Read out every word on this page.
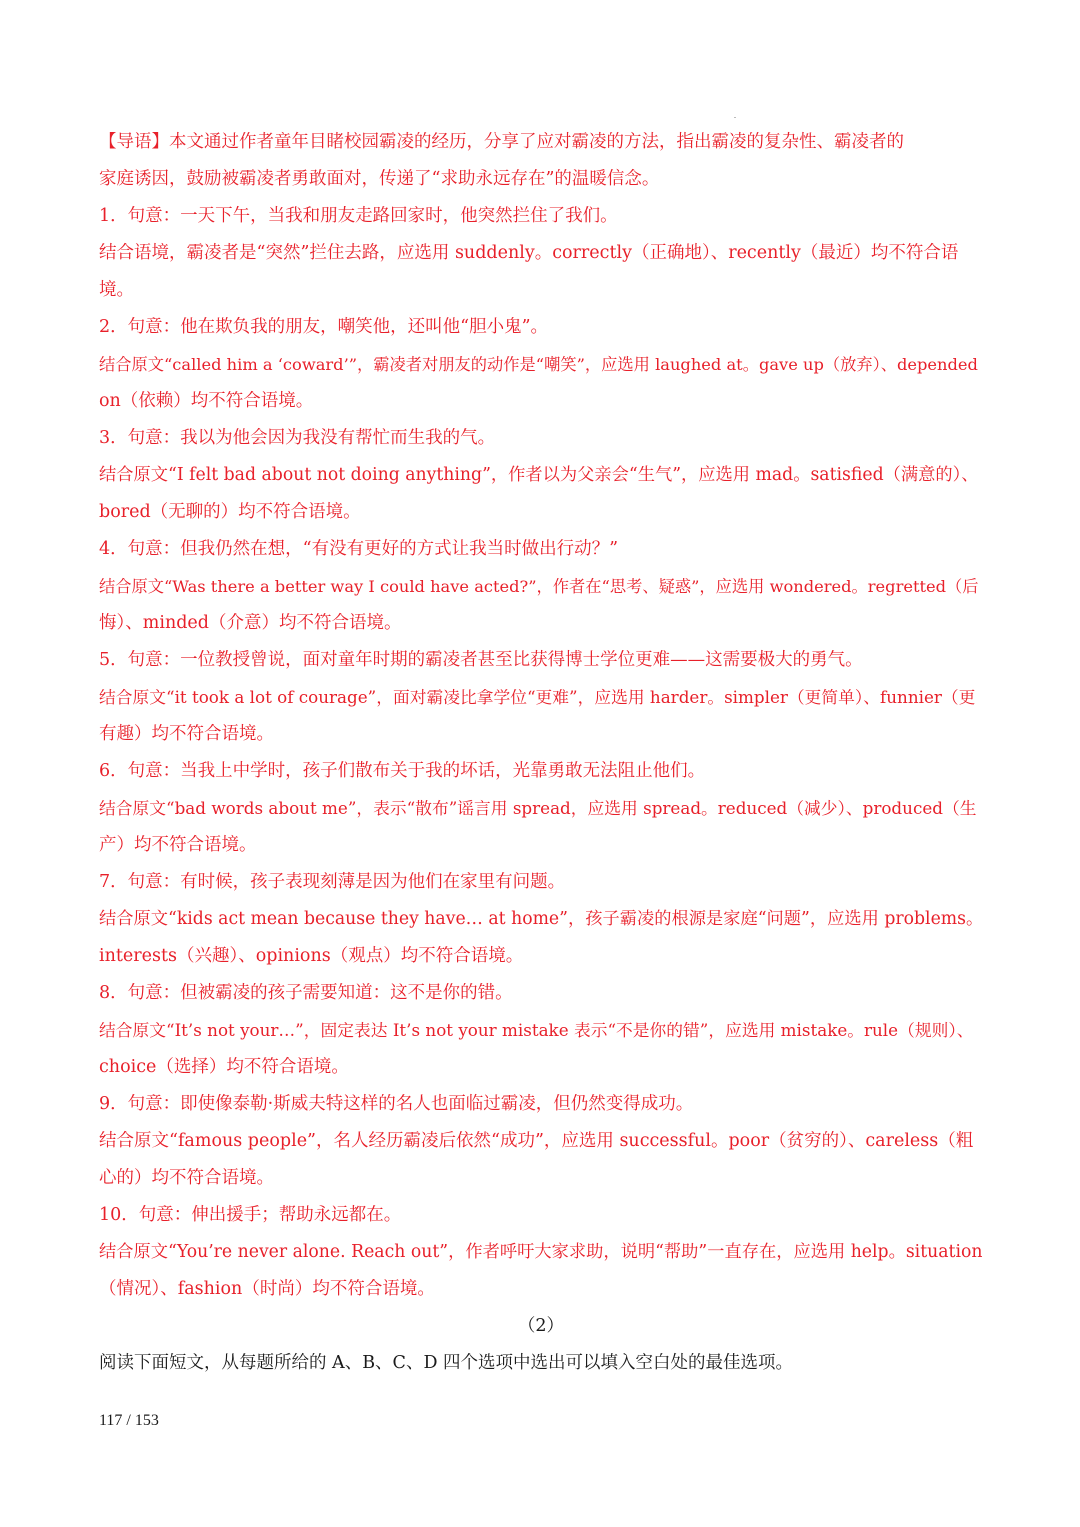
【导语】本文通过作者童年目睹校园霸凌的经历，分享了应对霸凌的方法，指出霸凌的复杂性、霸凌者的
家庭诱因，鼓励被霸凌者勇敢面对，传递了“求助永远存在”的温暖信念。
1．句意：一天下午，当我和朋友走路回家时，他突然拦住了我们。
结合语境，霸凌者是“突然”拦住去路，应选用 suddenly。correctly（正确地）、recently（最近）均不符合语
境。
2．句意：他在欺负我的朋友，嘲笑他，还叫他“胆小鬼”。
结合原文“called him a ‘coward’”，霸凌者对朋友的动作是“嘲笑”，应选用 laughed at。gave up（放弃）、depended
on（依赖）均不符合语境。
3．句意：我以为他会因为我没有帮忙而生我的气。
结合原文“I felt bad about not doing anything”，作者以为父亲会“生气”，应选用 mad。satisfied（满意的）、
bored（无聊的）均不符合语境。
4．句意：但我仍然在想，“有没有更好的方式让我当时做出行动？”
结合原文“Was there a better way I could have acted?”，作者在“思考、疑惑”，应选用 wondered。regretted（后
悔）、minded（介意）均不符合语境。
5．句意：一位教授曾说，面对童年时期的霸凌者甚至比获得博士学位更难——这需要极大的勇气。
结合原文“it took a lot of courage”，面对霸凌比拿学位“更难”，应选用 harder。simpler（更简单）、funnier（更
有趣）均不符合语境。
6．句意：当我上中学时，孩子们散布关于我的坏话，光靠勇敢无法阻止他们。
结合原文“bad words about me”，表示“散布”谣言用 spread，应选用 spread。reduced（减少）、produced（生
产）均不符合语境。
7．句意：有时候，孩子表现刻薄是因为他们在家里有问题。
结合原文“kids act mean because they have… at home”，孩子霸凌的根源是家庭“问题”，应选用 problems。
interests（兴趣）、opinions（观点）均不符合语境。
8．句意：但被霸凌的孩子需要知道：这不是你的错。
结合原文“It’s not your…”，固定表达 It’s not your mistake 表示“不是你的错”，应选用 mistake。rule（规则）、
choice（选择）均不符合语境。
9．句意：即使像泰勒·斯威夫特这样的名人也面临过霸凌，但仍然变得成功。
结合原文“famous people”，名人经历霸凌后依然“成功”，应选用 successful。poor（贫穷的）、careless（粗
心的）均不符合语境。
10．句意：伸出援手；帮助永远都在。
结合原文“You’re never alone. Reach out”，作者呼吁大家求助，说明“帮助”一直存在，应选用 help。situation
（情况）、fashion（时尚）均不符合语境。
（2）
阅读下面短文，从每题所给的 A、B、C、D 四个选项中选出可以填入空白处的最佳选项。
117 / 153
